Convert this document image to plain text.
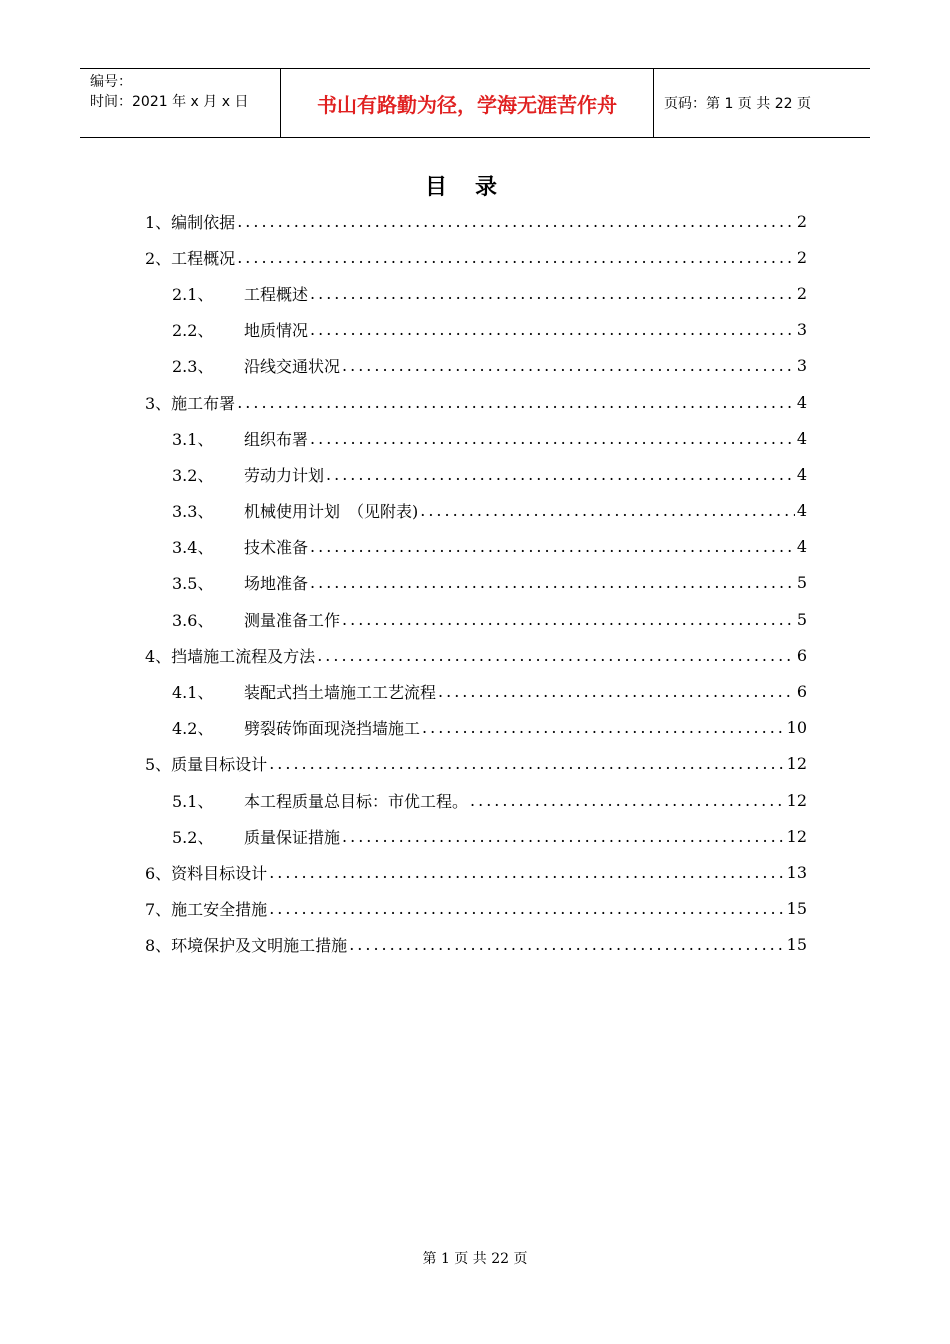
编号：
时间：2021 年 x 月 x 日	书山有路勤为径，学海无涯苦作舟	页码：第 1 页 共 22 页
目录
1、编制依据 .....	2
2、工程概况 .....	2
2.1、	工程概述 .....	2
2.2、	地质情况 .....	3
2.3、	沿线交通状况 .....	3
3、施工布署 .....	4
3.1、	组织布署 .....	4
3.2、	劳动力计划 .....	4
3.3、	机械使用计划　（见附表) .....	4
3.4、	技术准备 .....	4
3.5、	场地准备 .....	5
3.6、	测量准备工作 .....	5
4、挡墙施工流程及方法 .....	6
4.1、	装配式挡土墙施工工艺流程 .....	6
4.2、	劈裂砖饰面现浇挡墙施工 .....	10
5、质量目标设计 .....	12
5.1、	本工程质量总目标：市优工程。 .....	12
5.2、	质量保证措施 .....	12
6、资料目标设计 .....	13
7、施工安全措施 .....	15
8、环境保护及文明施工措施 .....	15
第 1 页 共 22 页
